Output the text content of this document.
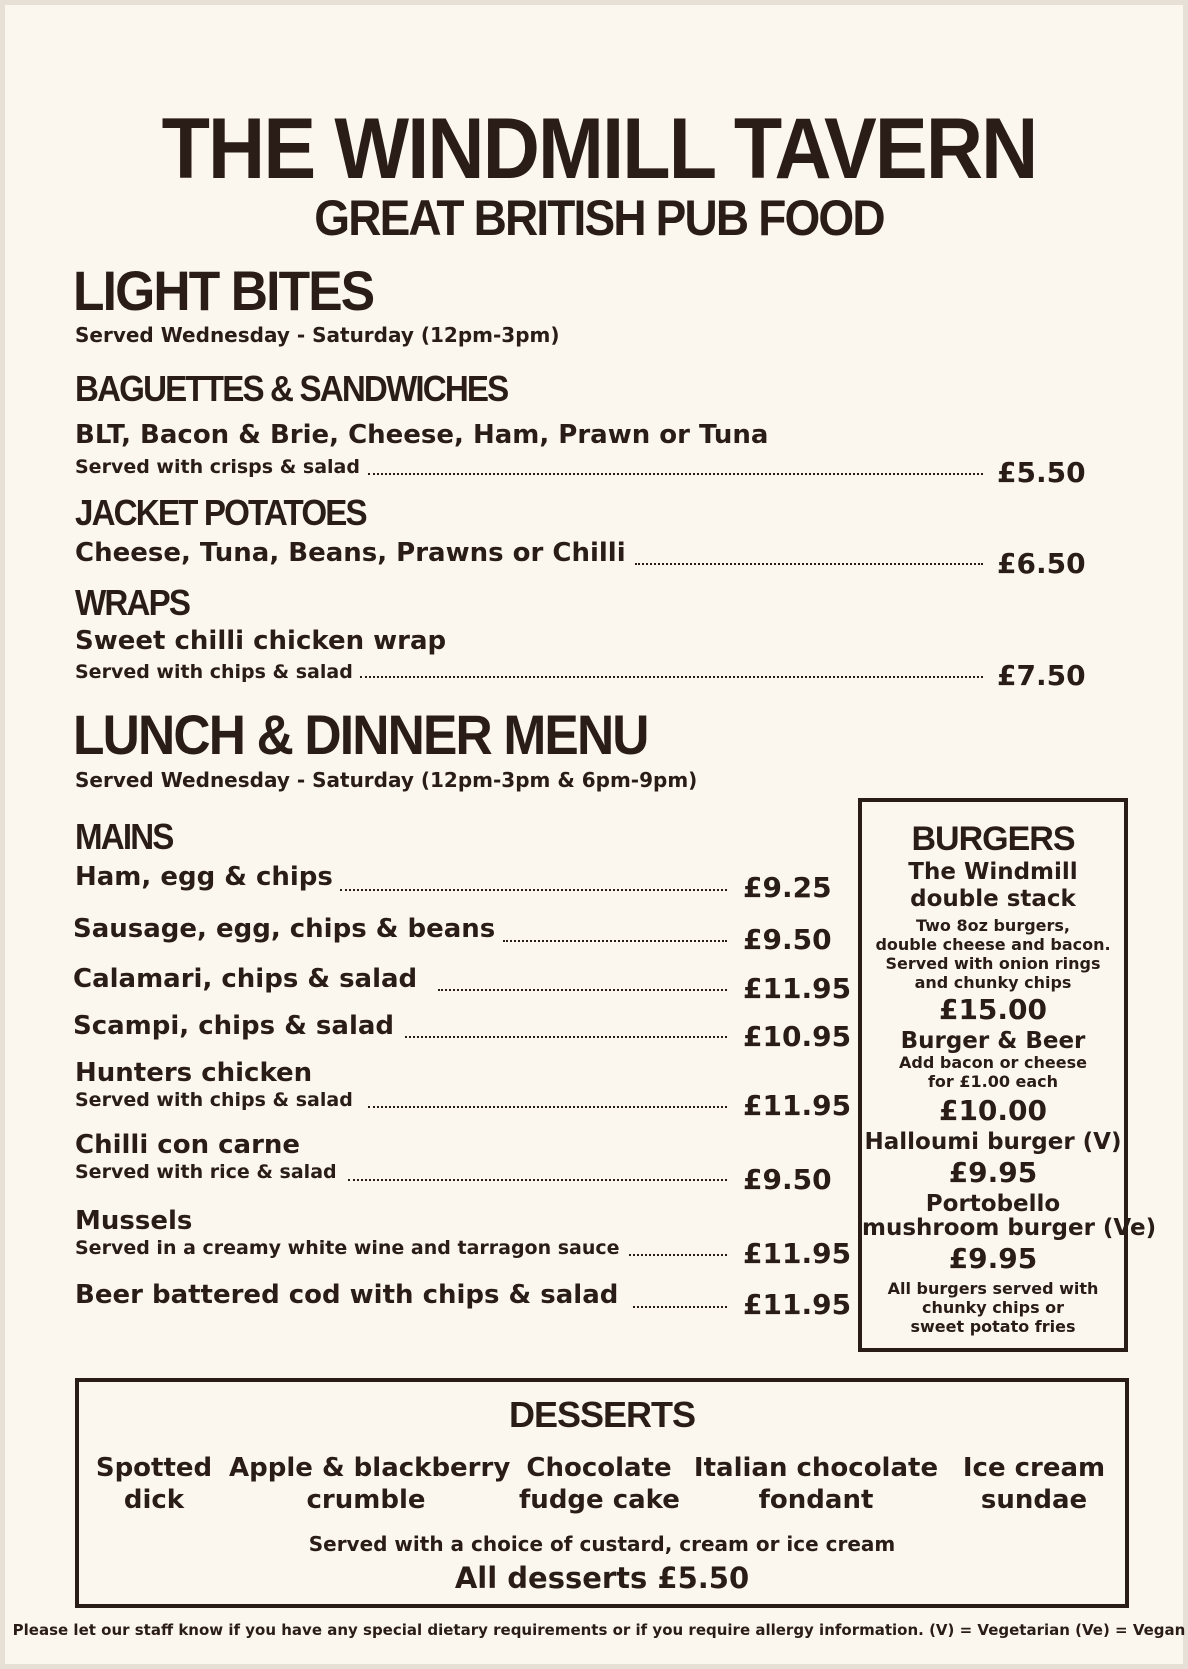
THE WINDMILL TAVERN
GREAT BRITISH PUB FOOD
LIGHT BITES
Served Wednesday - Saturday (12pm-3pm)
BAGUETTES & SANDWICHES
BLT, Bacon & Brie, Cheese, Ham, Prawn or Tuna
Served with crisps & salad	£5.50
JACKET POTATOES
Cheese, Tuna, Beans, Prawns or Chilli	£6.50
WRAPS
Sweet chilli chicken wrap
Served with chips & salad	£7.50
LUNCH & DINNER MENU
Served Wednesday - Saturday (12pm-3pm & 6pm-9pm)
MAINS
Ham, egg & chips	£9.25
Sausage, egg, chips & beans	£9.50
Calamari, chips & salad	£11.95
Scampi, chips & salad	£10.95
Hunters chicken
Served with chips & salad	£11.95
Chilli con carne
Served with rice & salad	£9.50
Mussels
Served in a creamy white wine and tarragon sauce	£11.95
Beer battered cod with chips & salad	£11.95
BURGERS
The Windmill
double stack
Two 8oz burgers,
double cheese and bacon.
Served with onion rings
and chunky chips
£15.00
Burger & Beer
Add bacon or cheese
for £1.00 each
£10.00
Halloumi burger (V)
£9.95
Portobello
mushroom burger (Ve)
£9.95
All burgers served with
chunky chips or
sweet potato fries
DESSERTS
Spotted
dick
Apple & blackberry
crumble
Chocolate
fudge cake
Italian chocolate
fondant
Ice cream
sundae
Served with a choice of custard, cream or ice cream
All desserts £5.50
Please let our staff know if you have any special dietary requirements or if you require allergy information. (V) = Vegetarian (Ve) = Vegan
